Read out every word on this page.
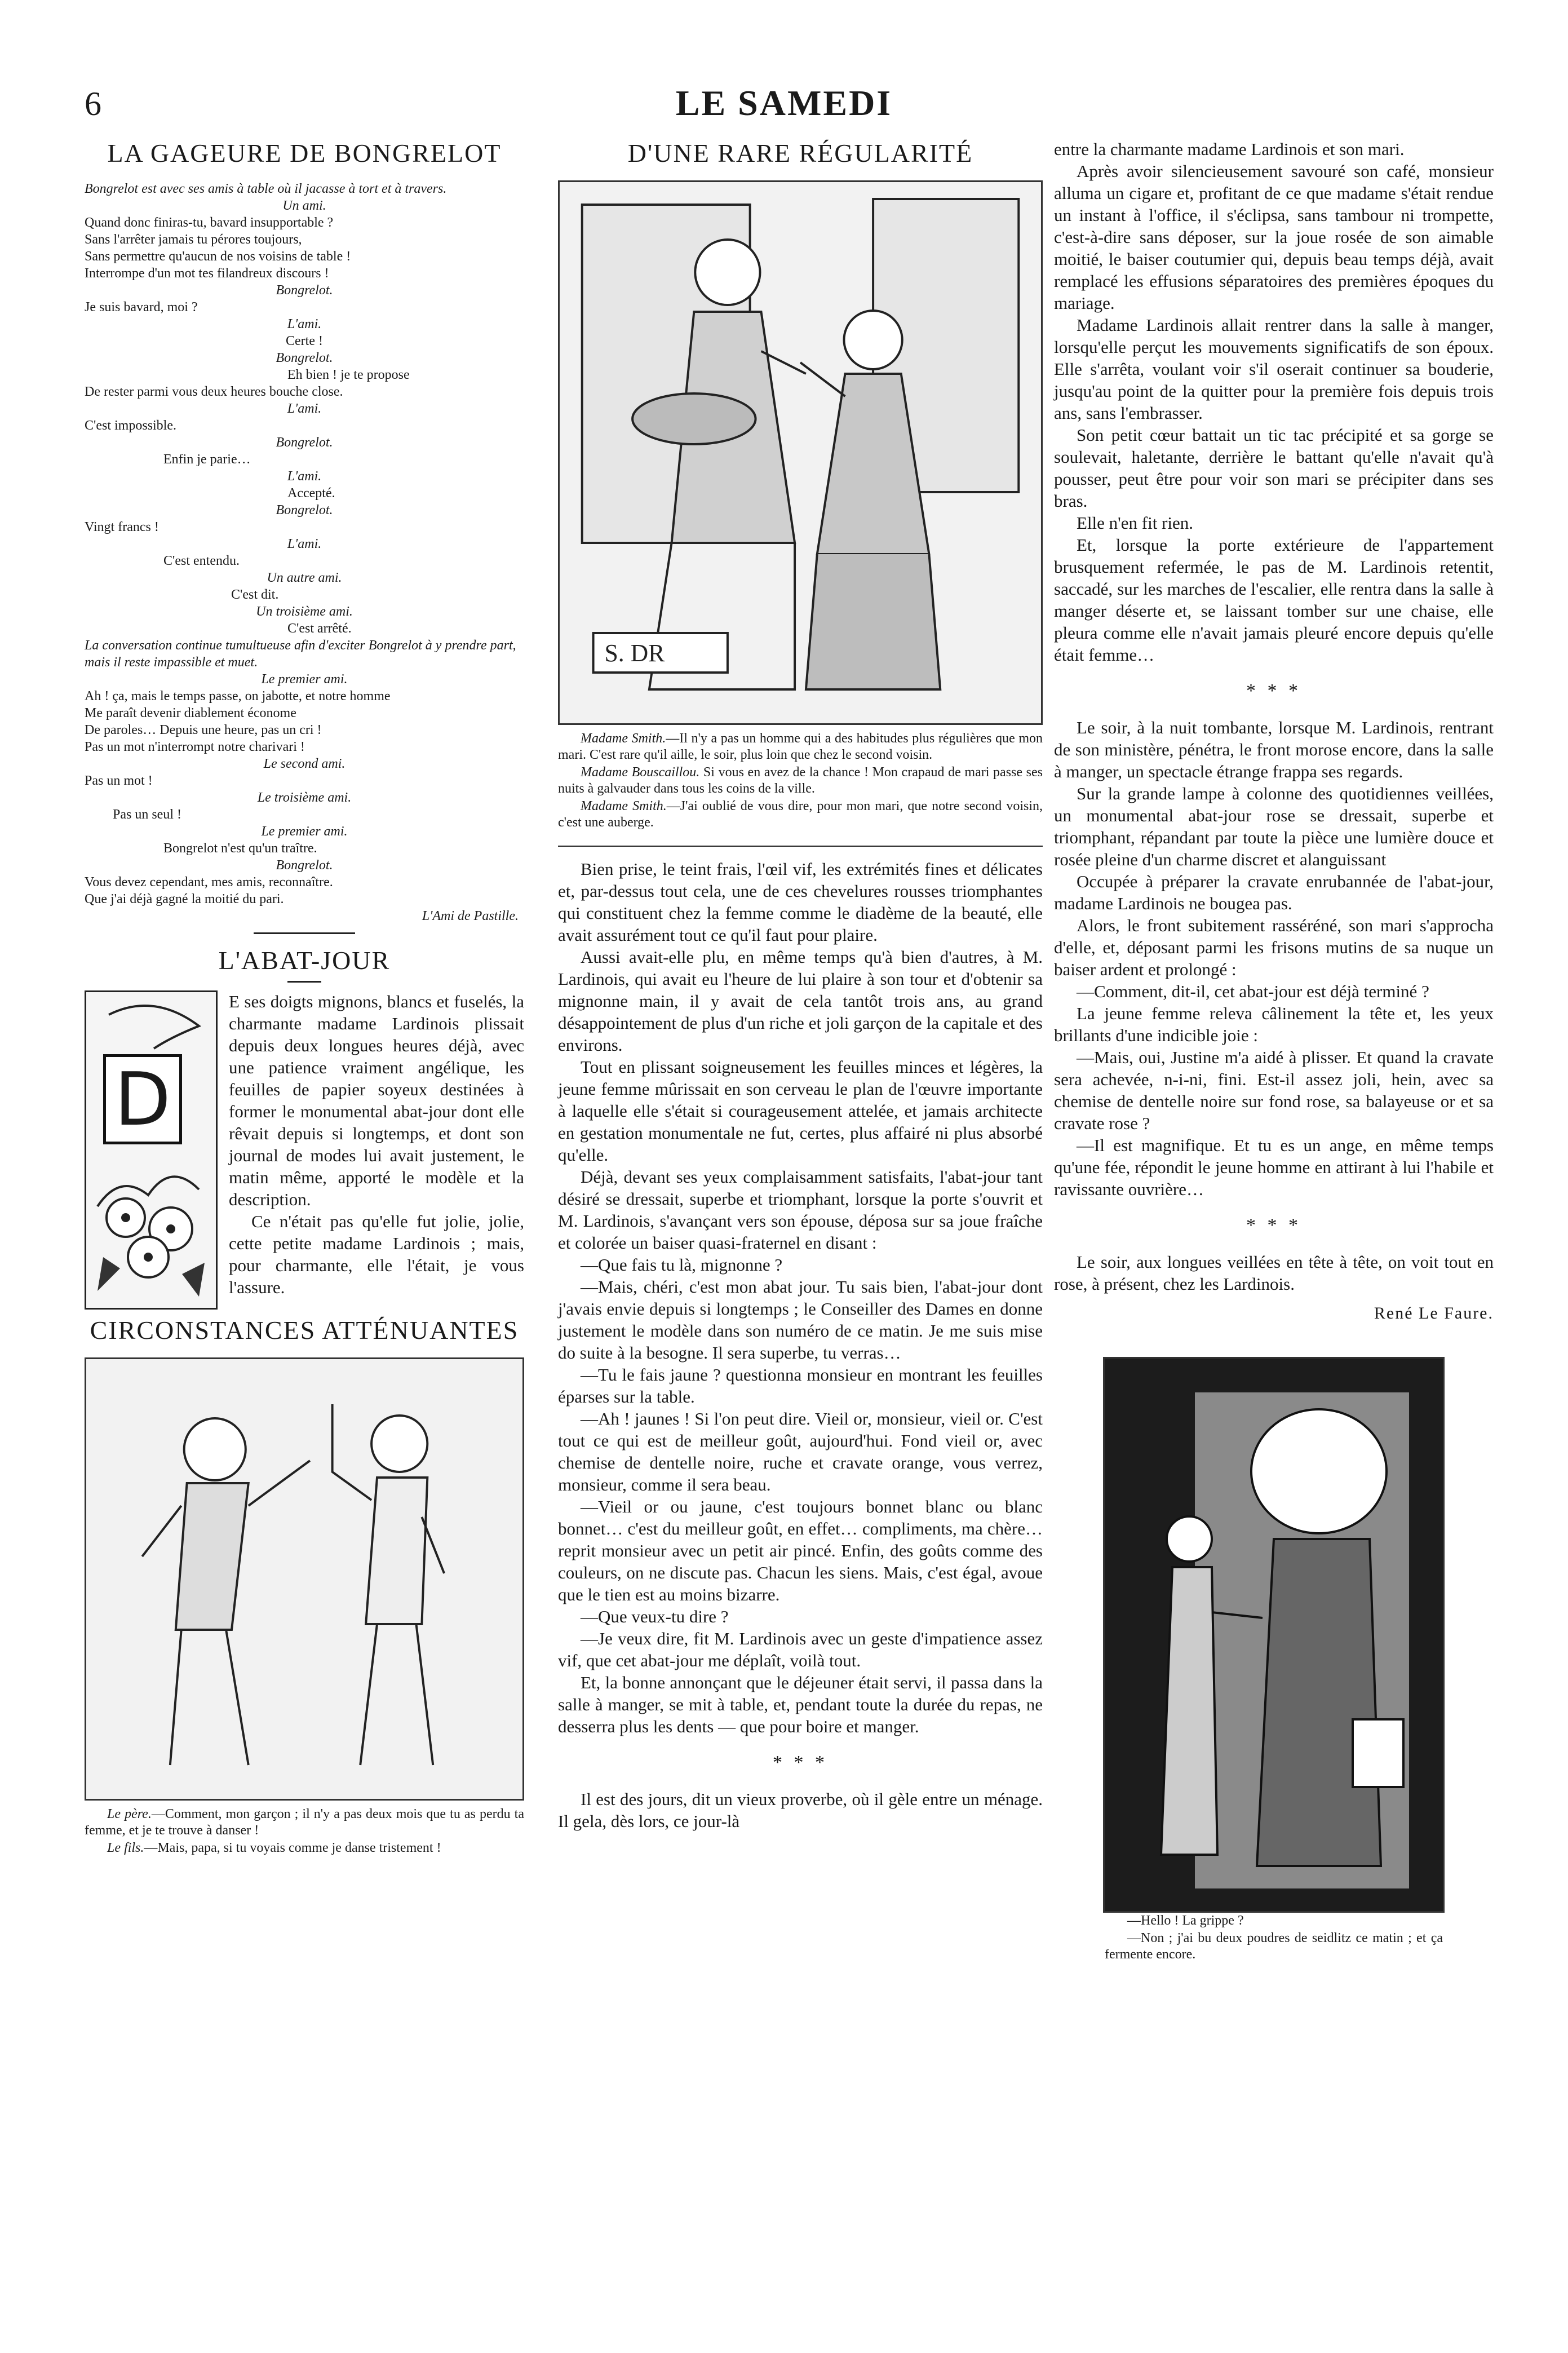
6	LE SAMEDI
LA GAGEURE DE BONGRELOT

Bongrelot est avec ses amis à table où il jacasse à tort et à travers.

Un ami.

Quand donc finiras-tu, bavard insupportable ?

Sans l'arrêter jamais tu pérores toujours,

Sans permettre qu'aucun de nos voisins de table !

Interrompe d'un mot tes filandreux discours !

Bongrelot.

Je suis bavard, moi ?

L'ami.

Certe !

Bongrelot.

Eh bien ! je te propose

De rester parmi vous deux heures bouche close.

L'ami.

C'est impossible.

Bongrelot.

Enfin je parie…

L'ami.

Accepté.

Bongrelot.

Vingt francs !

L'ami.

C'est entendu.

Un autre ami.

C'est dit.

Un troisième ami.

C'est arrêté.

La conversation continue tumultueuse afin d'exciter Bongrelot à y prendre part, mais il reste impassible et muet.

Le premier ami.

Ah ! ça, mais le temps passe, on jabotte, et notre homme

Me paraît devenir diablement économe

De paroles… Depuis une heure, pas un cri !

Pas un mot n'interrompt notre charivari !

Le second ami.

Pas un mot !

Le troisième ami.

Pas un seul !

Le premier ami.

Bongrelot n'est qu'un traître.

Bongrelot.

Vous devez cependant, mes amis, reconnaître.

Que j'ai déjà gagné la moitié du pari.

L'Ami de Pastille.

L'ABAT-JOUR
D

E ses doigts mignons, blancs et fuselés, la charmante madame Lardinois plissait depuis deux longues heures déjà, avec une patience vraiment angélique, les feuilles de papier soyeux destinées à former le monumental abat-jour dont elle rêvait depuis si longtemps, et dont son journal de modes lui avait justement, le matin même, apporté le modèle et la description.

Ce n'était pas qu'elle fut jolie, jolie, cette petite madame Lardinois ; mais, pour charmante, elle l'était, je vous l'assure.

CIRCONSTANCES ATTÉNUANTES

Le père.—Comment, mon garçon ; il n'y a pas deux mois que tu as perdu ta femme, et je te trouve à danser !

Le fils.—Mais, papa, si tu voyais comme je danse tristement !

D'UNE RARE RÉGULARITÉ
S. DR

Madame Smith.—Il n'y a pas un homme qui a des habitudes plus régulières que mon mari. C'est rare qu'il aille, le soir, plus loin que chez le second voisin.

Madame Bouscaillou. Si vous en avez de la chance ! Mon crapaud de mari passe ses nuits à galvauder dans tous les coins de la ville.

Madame Smith.—J'ai oublié de vous dire, pour mon mari, que notre second voisin, c'est une auberge.

Bien prise, le teint frais, l'œil vif, les extrémités fines et délicates et, par-dessus tout cela, une de ces chevelures rousses triomphantes qui constituent chez la femme comme le diadème de la beauté, elle avait assurément tout ce qu'il faut pour plaire.

Aussi avait-elle plu, en même temps qu'à bien d'autres, à M. Lardinois, qui avait eu l'heure de lui plaire à son tour et d'obtenir sa mignonne main, il y avait de cela tantôt trois ans, au grand désappointement de plus d'un riche et joli garçon de la capitale et des environs.

Tout en plissant soigneusement les feuilles minces et légères, la jeune femme mûrissait en son cerveau le plan de l'œuvre importante à laquelle elle s'était si courageusement attelée, et jamais architecte en gestation monumentale ne fut, certes, plus affairé ni plus absorbé qu'elle.

Déjà, devant ses yeux complaisamment satisfaits, l'abat-jour tant désiré se dressait, superbe et triomphant, lorsque la porte s'ouvrit et M. Lardinois, s'avançant vers son épouse, déposa sur sa joue fraîche et colorée un baiser quasi-fraternel en disant :

—Que fais tu là, mignonne ?

—Mais, chéri, c'est mon abat jour. Tu sais bien, l'abat-jour dont j'avais envie depuis si longtemps ; le Conseiller des Dames en donne justement le modèle dans son numéro de ce matin. Je me suis mise do suite à la besogne. Il sera superbe, tu verras…

—Tu le fais jaune ? questionna monsieur en montrant les feuilles éparses sur la table.

—Ah ! jaunes ! Si l'on peut dire. Vieil or, monsieur, vieil or. C'est tout ce qui est de meilleur goût, aujourd'hui. Fond vieil or, avec chemise de dentelle noire, ruche et cravate orange, vous verrez, monsieur, comme il sera beau.

—Vieil or ou jaune, c'est toujours bonnet blanc ou blanc bonnet… c'est du meilleur goût, en effet… compliments, ma chère… reprit monsieur avec un petit air pincé. Enfin, des goûts comme des couleurs, on ne discute pas. Chacun les siens. Mais, c'est égal, avoue que le tien est au moins bizarre.

—Que veux-tu dire ?

—Je veux dire, fit M. Lardinois avec un geste d'impatience assez vif, que cet abat-jour me déplaît, voilà tout.

Et, la bonne annonçant que le déjeuner était servi, il passa dans la salle à manger, se mit à table, et, pendant toute la durée du repas, ne desserra plus les dents — que pour boire et manger.

* * *

Il est des jours, dit un vieux proverbe, où il gèle entre un ménage. Il gela, dès lors, ce jour-là

entre la charmante madame Lardinois et son mari.

Après avoir silencieusement savouré son café, monsieur alluma un cigare et, profitant de ce que madame s'était rendue un instant à l'office, il s'éclipsa, sans tambour ni trompette, c'est-à-dire sans déposer, sur la joue rosée de son aimable moitié, le baiser coutumier qui, depuis beau temps déjà, avait remplacé les effusions séparatoires des premières époques du mariage.

Madame Lardinois allait rentrer dans la salle à manger, lorsqu'elle perçut les mouvements significatifs de son époux. Elle s'arrêta, voulant voir s'il oserait continuer sa bouderie, jusqu'au point de la quitter pour la première fois depuis trois ans, sans l'embrasser.

Son petit cœur battait un tic tac précipité et sa gorge se soulevait, haletante, derrière le battant qu'elle n'avait qu'à pousser, peut être pour voir son mari se précipiter dans ses bras.

Elle n'en fit rien.

Et, lorsque la porte extérieure de l'appartement brusquement refermée, le pas de M. Lardinois retentit, saccadé, sur les marches de l'escalier, elle rentra dans la salle à manger déserte et, se laissant tomber sur une chaise, elle pleura comme elle n'avait jamais pleuré encore depuis qu'elle était femme…

* * *

Le soir, à la nuit tombante, lorsque M. Lardinois, rentrant de son ministère, pénétra, le front morose encore, dans la salle à manger, un spectacle étrange frappa ses regards.

Sur la grande lampe à colonne des quotidiennes veillées, un monumental abat-jour rose se dressait, superbe et triomphant, répandant par toute la pièce une lumière douce et rosée pleine d'un charme discret et alanguissant

Occupée à préparer la cravate enrubannée de l'abat-jour, madame Lardinois ne bougea pas.

Alors, le front subitement rasséréné, son mari s'approcha d'elle, et, déposant parmi les frisons mutins de sa nuque un baiser ardent et prolongé :

—Comment, dit-il, cet abat-jour est déjà terminé ?

La jeune femme releva câlinement la tête et, les yeux brillants d'une indicible joie :

—Mais, oui, Justine m'a aidé à plisser. Et quand la cravate sera achevée, n-i-ni, fini. Est-il assez joli, hein, avec sa chemise de dentelle noire sur fond rose, sa balayeuse or et sa cravate rose ?

—Il est magnifique. Et tu es un ange, en même temps qu'une fée, répondit le jeune homme en attirant à lui l'habile et ravissante ouvrière…

* * *

Le soir, aux longues veillées en tête à tête, on voit tout en rose, à présent, chez les Lardinois.

René Le Faure.

—Hello ! La grippe ?

—Non ; j'ai bu deux poudres de seidlitz ce matin ; et ça fermente encore.
